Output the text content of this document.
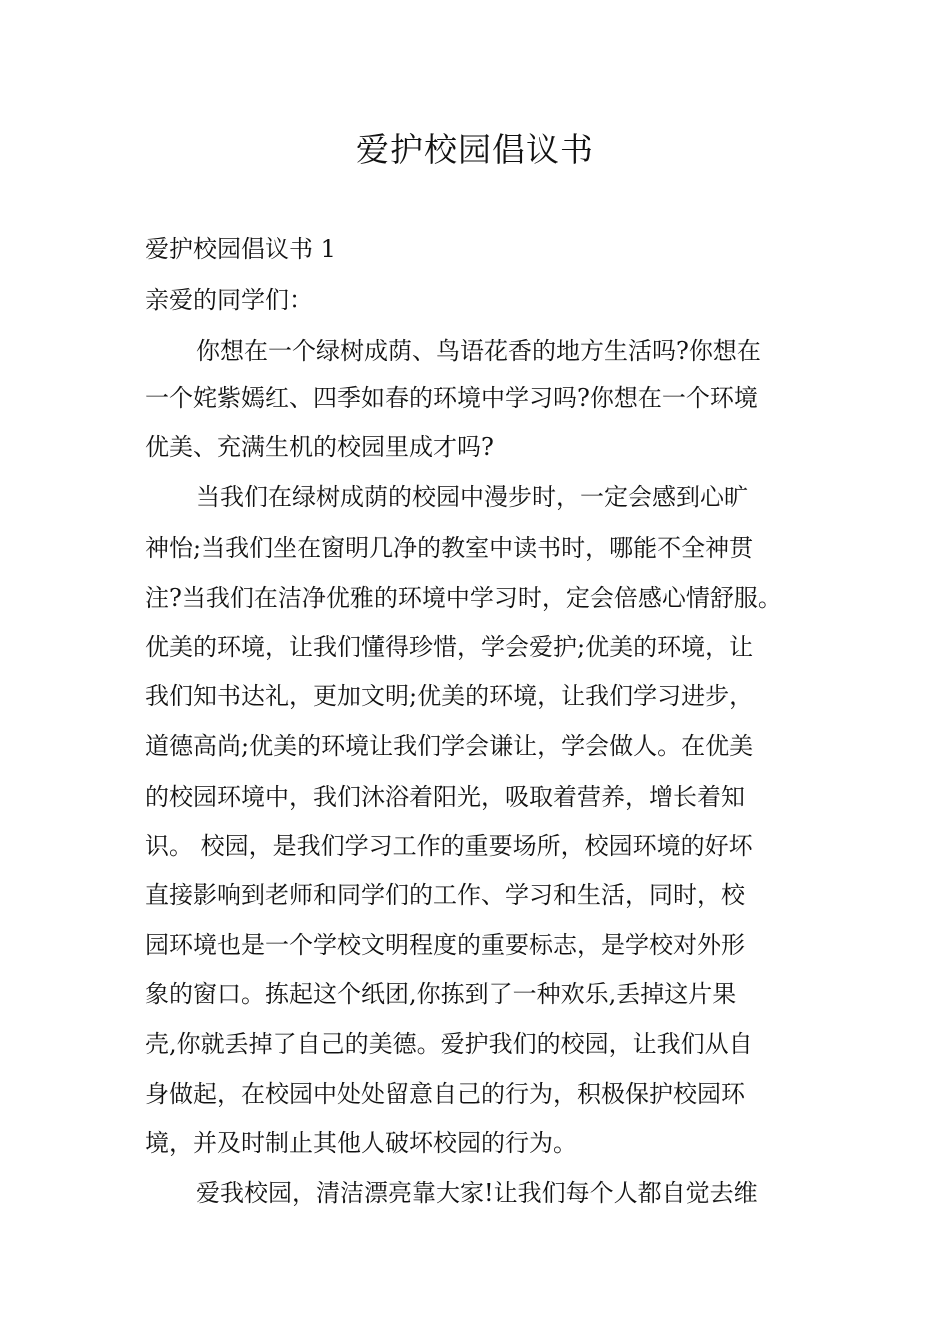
爱护校园倡议书

爱护校园倡议书 1

亲爱的同学们：

你想在一个绿树成荫、鸟语花香的地方生活吗?你想在

一个姹紫嫣红、四季如春的环境中学习吗?你想在一个环境

优美、充满生机的校园里成才吗?

当我们在绿树成荫的校园中漫步时，一定会感到心旷

神怡;当我们坐在窗明几净的教室中读书时，哪能不全神贯

注?当我们在洁净优雅的环境中学习时，定会倍感心情舒服。

优美的环境，让我们懂得珍惜，学会爱护;优美的环境，让

我们知书达礼，更加文明;优美的环境，让我们学习进步，

道德高尚;优美的环境让我们学会谦让，学会做人。在优美

的校园环境中，我们沐浴着阳光，吸取着营养，增长着知

识。 校园，是我们学习工作的重要场所，校园环境的好坏

直接影响到老师和同学们的工作、学习和生活，同时，校

园环境也是一个学校文明程度的重要标志，是学校对外形

象的窗口。拣起这个纸团,你拣到了一种欢乐,丢掉这片果

壳,你就丢掉了自己的美德。爱护我们的校园，让我们从自

身做起，在校园中处处留意自己的行为，积极保护校园环

境，并及时制止其他人破坏校园的行为。

爱我校园，清洁漂亮靠大家!让我们每个人都自觉去维
